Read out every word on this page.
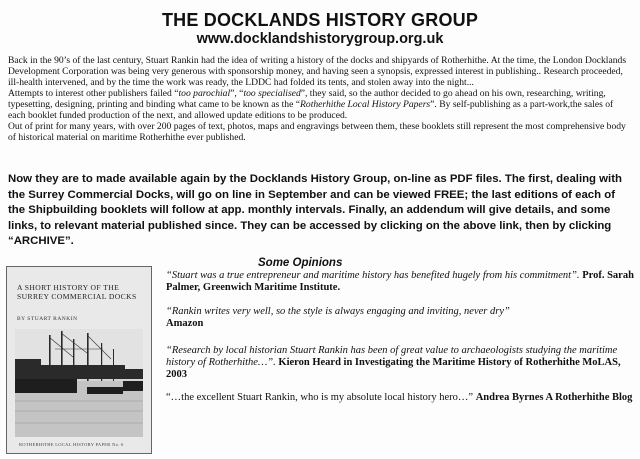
THE DOCKLANDS HISTORY GROUP
www.docklandshistorygroup.org.uk

Back in the 90’s of the last century, Stuart Rankin had the idea of writing a history of the docks and shipyards of Rotherhithe. At the time, the London Docklands Development Corporation was being very generous with sponsorship money, and having seen a synopsis, expressed interest in publishing.. Research proceeded, ill-health intervened, and by the time the work was ready, the LDDC had folded its tents, and stolen away into the night...

Attempts to interest other publishers failed “too parochial”, “too specialised”, they said, so the author decided to go ahead on his own, researching, writing, typesetting, designing, printing and binding what came to be known as the “Rotherhithe Local History Papers”. By self-publishing as a part-work,the sales of each booklet funded production of the next, and allowed update editions to be produced.

Out of print for many years, with over 200 pages of text, photos, maps and engravings between them, these booklets still represent the most comprehensive body of historical material on maritime Rotherhithe ever published.

Now they are to made available again by the Docklands History Group, on-line as PDF files. The first, dealing with the Surrey Commercial Docks, will go on line in September and can be viewed FREE; the last editions of each of the Shipbuilding booklets will follow at app. monthly intervals. Finally, an addendum will give details, and some links, to relevant material published since. They can be accessed by clicking on the above link, then by clicking “ARCHIVE”.
A SHORT HISTORY OF THE SURREY COMMERCIAL DOCKS
BY STUART RANKIN
ROTHERHITHE LOCAL HISTORY PAPER No. 6
Some Opinions
“Stuart was a true entrepreneur and maritime history has benefited hugely from his commitment”. Prof. Sarah Palmer, Greenwich Maritime Institute.
“Rankin writes very well, so the style is always engaging and inviting, never dry”
Amazon
“Research by local historian Stuart Rankin has been of great value to archaeologists studying the maritime history of Rotherhithe…”. Kieron Heard in Investigating the Maritime History of Rotherhithe MoLAS, 2003
“…the excellent Stuart Rankin, who is my absolute local history hero…” Andrea Byrnes A Rotherhithe Blog
